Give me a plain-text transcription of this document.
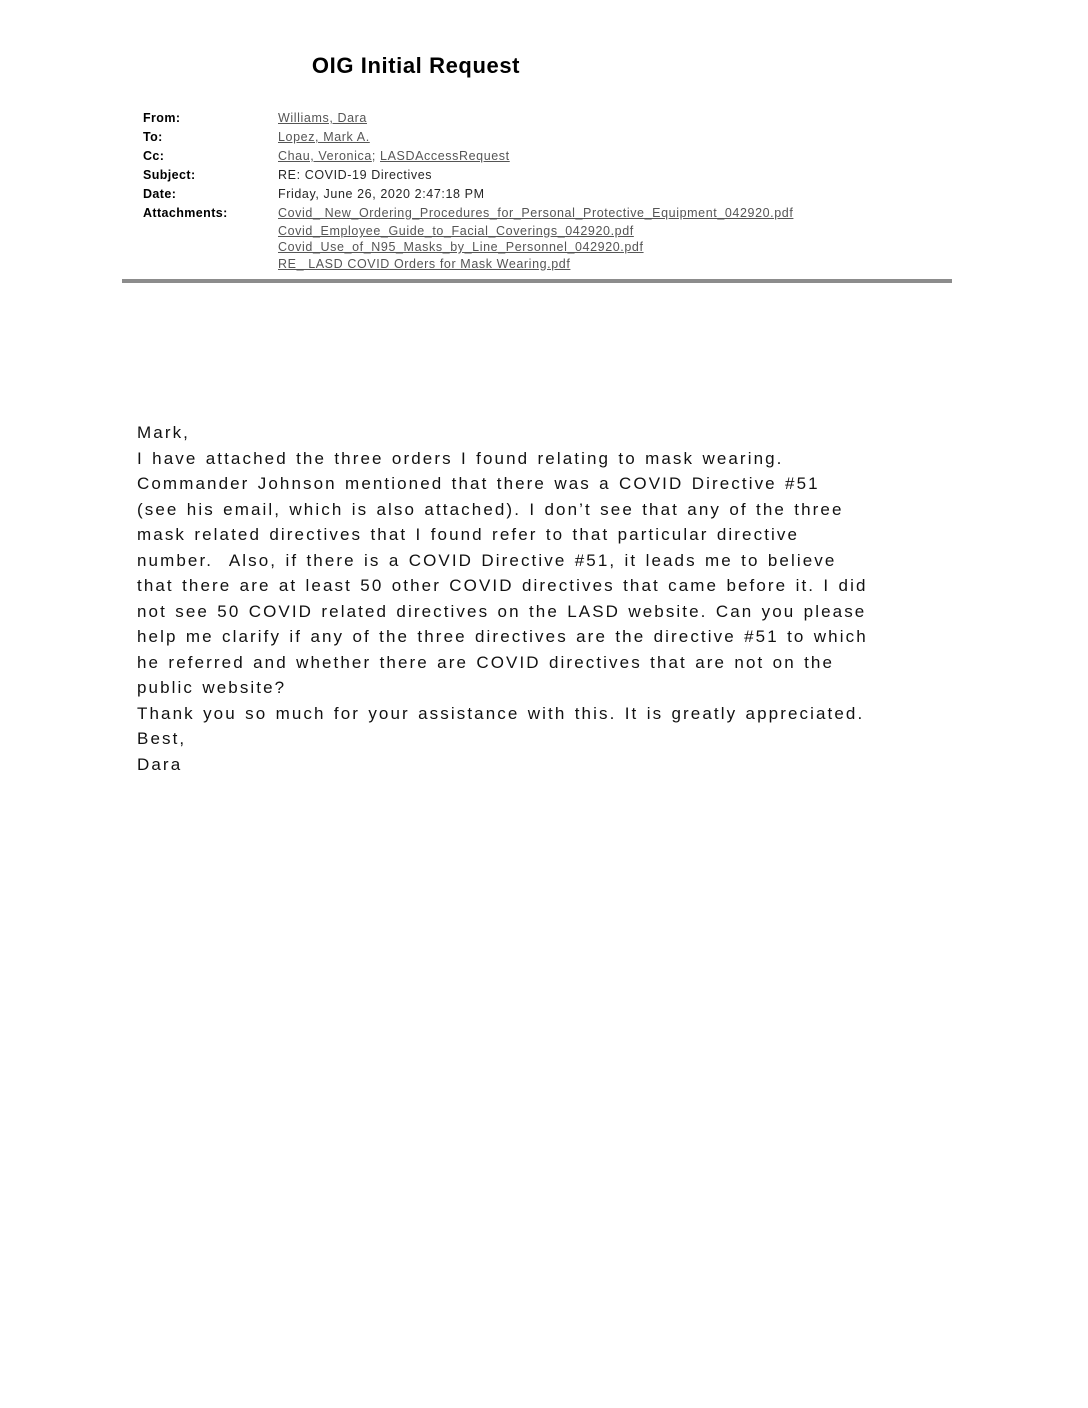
OIG Initial Request
From:	Williams, Dara
To:	Lopez, Mark A.
Cc:	Chau, Veronica; LASDAccessRequest
Subject:	RE: COVID-19 Directives
Date:	Friday, June 26, 2020 2:47:18 PM
Attachments:	Covid_ New_Ordering_Procedures_for_Personal_Protective_Equipment_042920.pdf
Covid_Employee_Guide_to_Facial_Coverings_042920.pdf
Covid_Use_of_N95_Masks_by_Line_Personnel_042920.pdf
RE_ LASD COVID Orders for Mask Wearing.pdf
Mark,
I have attached the three orders I found relating to mask wearing.
Commander Johnson mentioned that there was a COVID Directive #51
(see his email, which is also attached). I don’t see that any of the three
mask related directives that I found refer to that particular directive
number.  Also, if there is a COVID Directive #51, it leads me to believe
that there are at least 50 other COVID directives that came before it. I did
not see 50 COVID related directives on the LASD website. Can you please
help me clarify if any of the three directives are the directive #51 to which
he referred and whether there are COVID directives that are not on the
public website?
Thank you so much for your assistance with this. It is greatly appreciated.
Best,
Dara
